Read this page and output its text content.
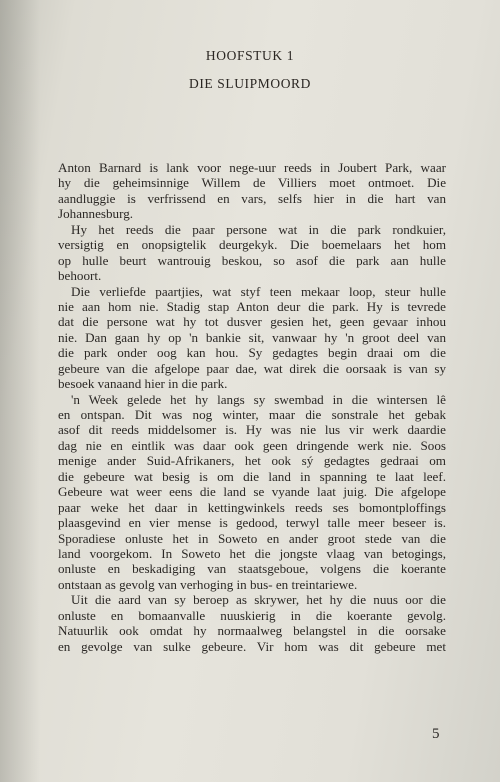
HOOFSTUK 1
DIE SLUIPMOORD
Anton Barnard is lank voor nege-uur reeds in Joubert Park, waar
hy die geheimsinnige Willem de Villiers moet ontmoet. Die
aandluggie is verfrissend en vars, selfs hier in die hart van
Johannesburg.
Hy het reeds die paar persone wat in die park rondkuier,
versigtig en onopsigtelik deurgekyk. Die boemelaars het hom
op hulle beurt wantrouig beskou, so asof die park aan hulle
behoort.
Die verliefde paartjies, wat styf teen mekaar loop, steur hulle
nie aan hom nie. Stadig stap Anton deur die park. Hy is tevrede
dat die persone wat hy tot dusver gesien het, geen gevaar inhou
nie. Dan gaan hy op 'n bankie sit, vanwaar hy 'n groot deel van
die park onder oog kan hou. Sy gedagtes begin draai om die
gebeure van die afgelope paar dae, wat direk die oorsaak is van sy
besoek vanaand hier in die park.
'n Week gelede het hy langs sy swembad in die wintersen lê
en ontspan. Dit was nog winter, maar die sonstrale het gebak
asof dit reeds middelsomer is. Hy was nie lus vir werk daardie
dag nie en eintlik was daar ook geen dringende werk nie. Soos
menige ander Suid-Afrikaners, het ook sý gedagtes gedraai om
die gebeure wat besig is om die land in spanning te laat leef.
Gebeure wat weer eens die land se vyande laat juig. Die afgelope
paar weke het daar in kettingwinkels reeds ses bomontploffings
plaasgevind en vier mense is gedood, terwyl talle meer beseer is.
Sporadiese onluste het in Soweto en ander groot stede van die
land voorgekom. In Soweto het die jongste vlaag van betogings,
onluste en beskadiging van staatsgeboue, volgens die koerante
ontstaan as gevolg van verhoging in bus- en treintariewe.
Uit die aard van sy beroep as skrywer, het hy die nuus oor die
onluste en bomaanvalle nuuskierig in die koerante gevolg.
Natuurlik ook omdat hy normaalweg belangstel in die oorsake
en gevolge van sulke gebeure. Vir hom was dit gebeure met
5
